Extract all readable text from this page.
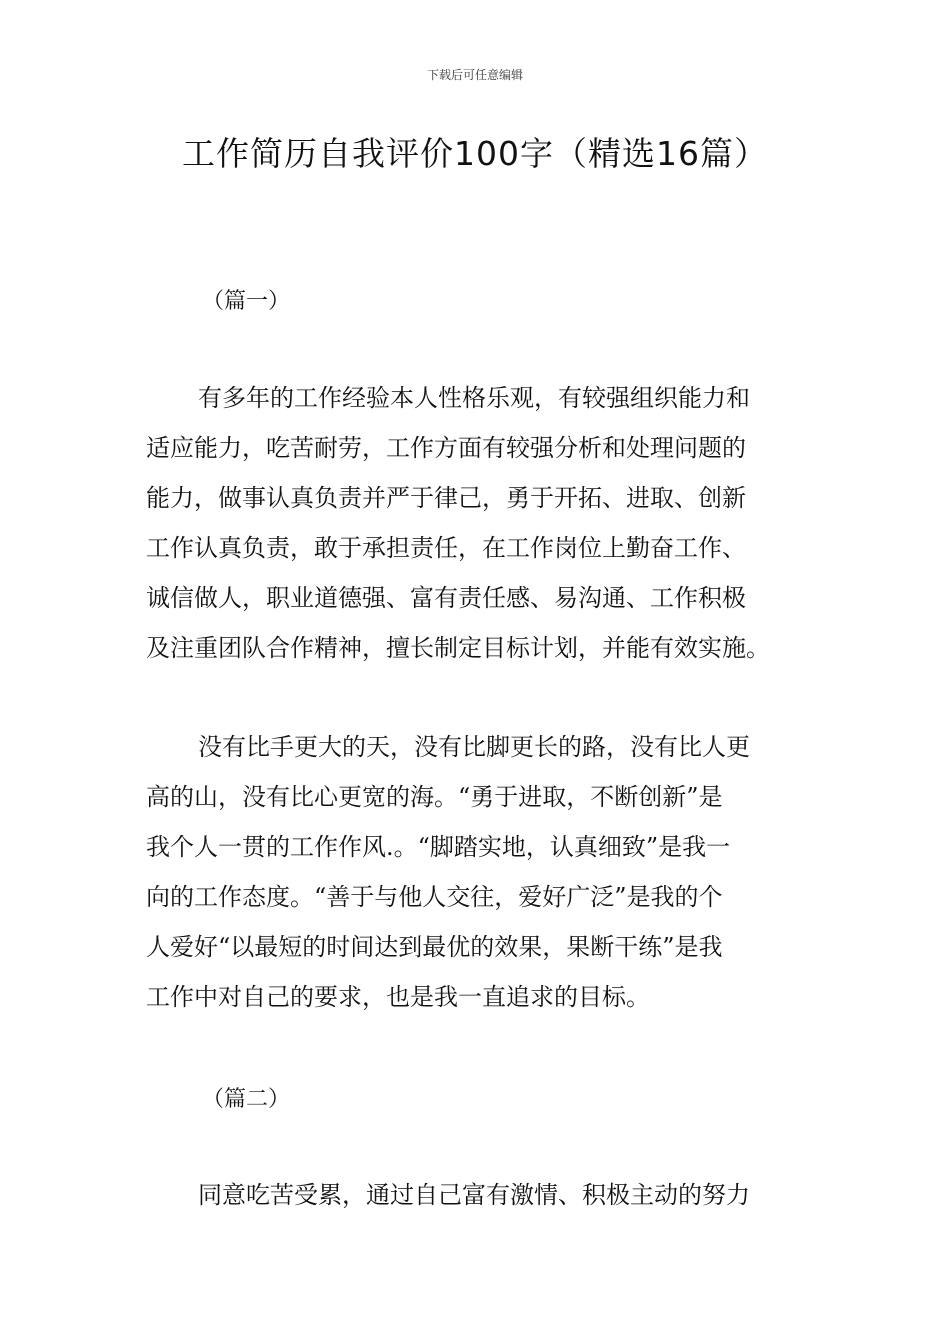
下载后可任意编辑
工作简历自我评价100字（精选16篇）
（篇一）

有多年的工作经验本人性格乐观，有较强组织能力和
适应能力，吃苦耐劳，工作方面有较强分析和处理问题的
能力，做事认真负责并严于律己，勇于开拓、进取、创新
工作认真负责，敢于承担责任，在工作岗位上勤奋工作、
诚信做人，职业道德强、富有责任感、易沟通、工作积极
及注重团队合作精神，擅长制定目标计划，并能有效实施。

没有比手更大的天，没有比脚更长的路，没有比人更
高的山，没有比心更宽的海。“勇于进取，不断创新”是
我个人一贯的工作作风.。“脚踏实地，认真细致”是我一
向的工作态度。“善于与他人交往，爱好广泛”是我的个
人爱好“以最短的时间达到最优的效果，果断干练”是我
工作中对自己的要求，也是我一直追求的目标。

（篇二）

同意吃苦受累，通过自己富有激情、积极主动的努力
